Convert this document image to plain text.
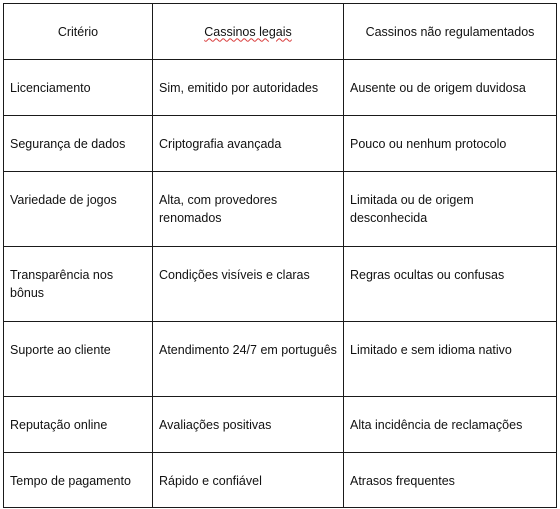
Critério	Cassinos legais	Cassinos não regulamentados
Licenciamento	Sim, emitido por autoridades	Ausente ou de origem duvidosa
Segurança de dados	Criptografia avançada	Pouco ou nenhum protocolo
Variedade de jogos	Alta, com provedores renomados	Limitada ou de origem desconhecida
Transparência nos bônus	Condições visíveis e claras	Regras ocultas ou confusas
Suporte ao cliente	Atendimento 24/7 em português	Limitado e sem idioma nativo
Reputação online	Avaliações positivas	Alta incidência de reclamações
Tempo de pagamento	Rápido e confiável	Atrasos frequentes
